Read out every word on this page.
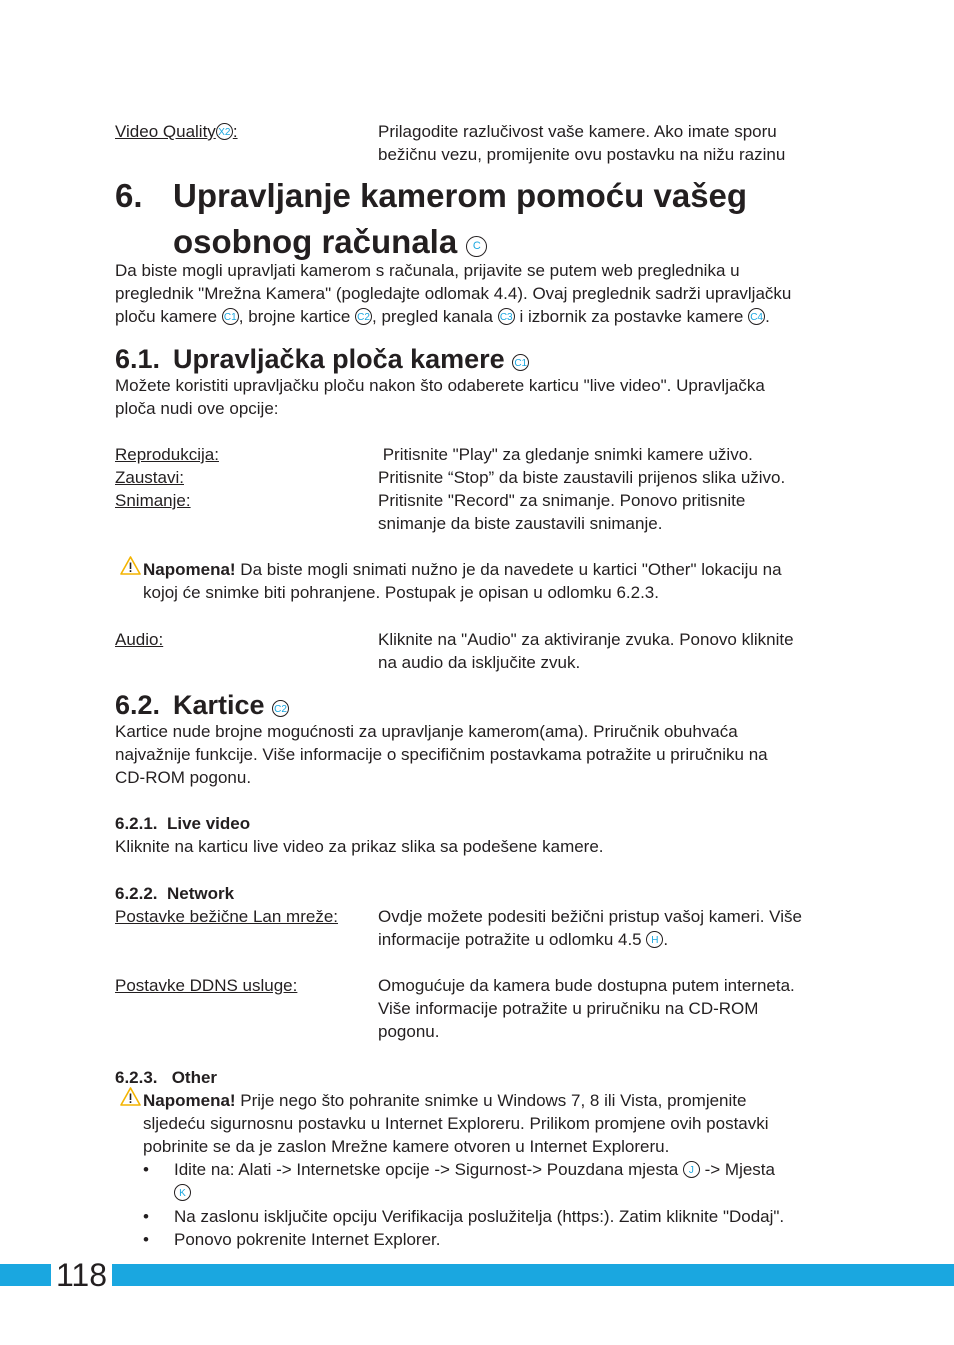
Video Quality X2 :	Prilagodite razlučivost vaše kamere. Ako imate sporu
bežičnu vezu, promijenite ovu postavku na nižu razinu
6. Upravljanje kamerom pomoću vašeg
osobnog računala C
Da biste mogli upravljati kamerom s računala, prijavite se putem web preglednika u
preglednik "Mrežna Kamera" (pogledajte odlomak 4.4). Ovaj preglednik sadrži upravljačku
ploču kamere C1 , brojne kartice C2 , pregled kanala C3 i izbornik za postavke kamere C4 .
6.1. Upravljačka ploča kamere C1
Možete koristiti upravljačku ploču nakon što odaberete karticu "live video". Upravljačka
ploča nudi ove opcije:
Reprodukcija:	Pritisnite "Play" za gledanje snimki kamere uživo.
Zaustavi:	Pritisnite “Stop” da biste zaustavili prijenos slika uživo.
Snimanje:	Pritisnite "Record" za snimanje. Ponovo pritisnite
snimanje da biste zaustavili snimanje.
Napomena! Da biste mogli snimati nužno je da navedete u kartici "Other" lokaciju na
kojoj će snimke biti pohranjene. Postupak je opisan u odlomku 6.2.3.
Audio:	Kliknite na "Audio" za aktiviranje zvuka. Ponovo kliknite
na audio da isključite zvuk.
6.2. Kartice C2
Kartice nude brojne mogućnosti za upravljanje kamerom(ama). Priručnik obuhvaća
najvažnije funkcije. Više informacije o specifičnim postavkama potražite u priručniku na
CD-ROM pogonu.
6.2.1.  Live video
Kliknite na karticu live video za prikaz slika sa podešene kamere.
6.2.2.  Network
Postavke bežične Lan mreže: Ovdje možete podesiti bežični pristup vašoj kameri. Više
informacije potražite u odlomku 4.5 H .
Postavke DDNS usluge:	Omogućuje da kamera bude dostupna putem interneta.
Više informacije potražite u priručniku na CD-ROM
pogonu.
6.2.3.   Other
Napomena! Prije nego što pohranite snimke u Windows 7, 8 ili Vista, promjenite
sljedeću sigurnosnu postavku u Internet Exploreru. Prilikom promjene ovih postavki
pobrinite se da je zaslon Mrežne kamere otvoren u Internet Exploreru.
• Idite na: Alati -> Internetske opcije -> Sigurnost-> Pouzdana mjesta J -> Mjesta
K
• Na zaslonu isključite opciju Verifikacija poslužitelja (https:). Zatim kliknite "Dodaj".
• Ponovo pokrenite Internet Explorer.
118
